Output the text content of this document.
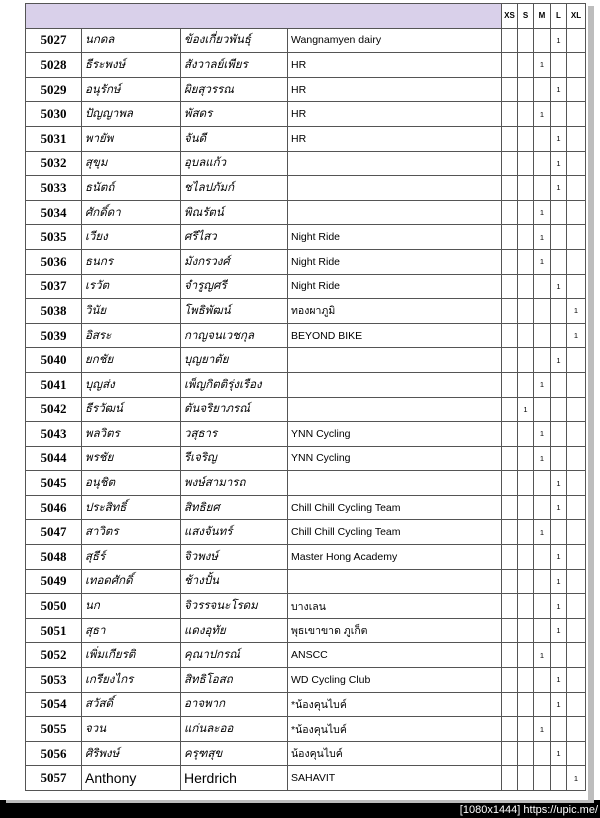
				XS	S	M	L	XL
5027	นกดล	ข้องเกี่ยวพันธุ์	Wangnamyen dairy				1	
5028	ธีระพงษ์	สังวาลย์เพียร	HR			1		
5029	อนุรักษ์	ผิยสุวรรณ	HR				1	
5030	ปัญญาพล	พัสดร	HR			1		
5031	พายัพ	จันดี	HR				1	
5032	สุขุม	อุบลแก้ว					1	
5033	ธนัตถ์	ชไลปภัมก์					1	
5034	ศักดิ์ดา	พิณรัตน์				1		
5035	เวียง	ศรีไสว	Night Ride			1		
5036	ธนกร	มังกรวงศ์	Night Ride			1		
5037	เรวัต	จำรูญศรี	Night Ride				1	
5038	วินัย	โพธิพัฒน์	ทองผาภูมิ					1
5039	อิสระ	กาญจนเวชกุล	BEYOND BIKE					1
5040	ยกชัย	บุญยาตัย					1	
5041	บุญส่ง	เพ็ญกิตติรุ่งเรือง				1		
5042	ธีรวัฒน์	ตันจริยาภรณ์			1			
5043	พลวิตร	วสุธาร	YNN Cycling			1		
5044	พรชัย	รีเจริญ	YNN Cycling			1		
5045	อนุชิต	พงษ์สามารถ					1	
5046	ประสิทธิ์	สิทธิยศ	Chill Chill Cycling Team				1	
5047	สาวิตร	แสงจันทร์	Chill Chill Cycling Team			1		
5048	สุธีร์	จิวพงษ์	Master Hong Academy				1	
5049	เทอดศักดิ์	ช้างปั้น					1	
5050	นก	จิวรรจนะโรดม	บางเลน				1	
5051	สุธา	แดงอุทัย	พุธเขาขาด ภูเก็ต				1	
5052	เพิ่มเกียรติ	คุณาปกรณ์	ANSCC			1		
5053	เกรียงไกร	สิทธิโอสถ	WD Cycling Club				1	
5054	สวัสดิ์	อาจพาก	*น้องคุนไบค์				1	
5055	จวน	แก่นละออ	*น้องคุนไบค์			1		
5056	ศิริพงษ์	ครุฑสุข	น้องคุนไบค์				1	
5057	Anthony	Herdrich	SAHAVIT					1
[1080x1444] https://upic.me/
